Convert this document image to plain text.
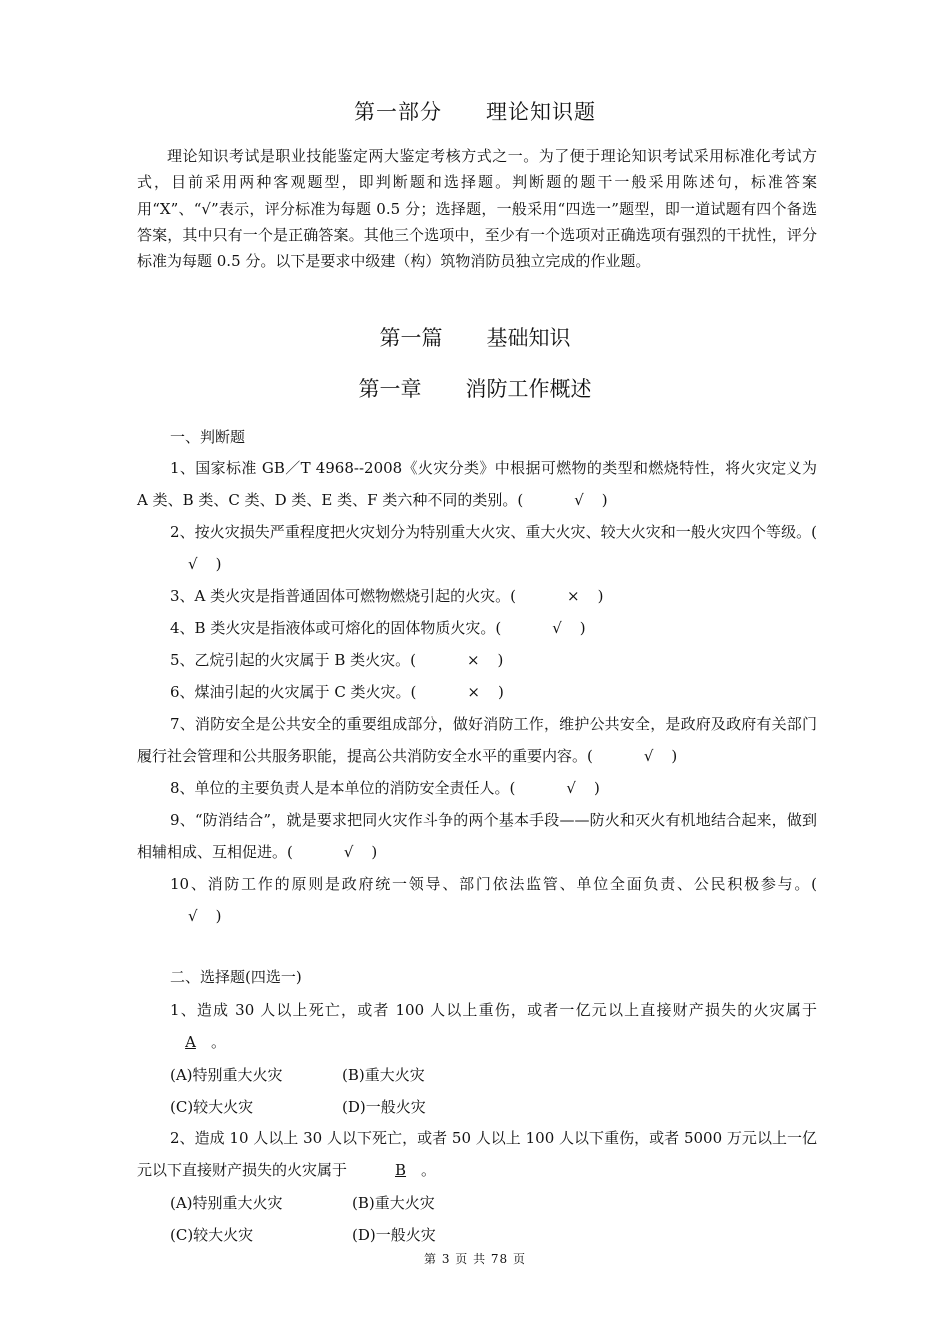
第一部分 理论知识题

理论知识考试是职业技能鉴定两大鉴定考核方式之一。为了便于理论知识考试采用标准化考试方式，目前采用两种客观题型，即判断题和选择题。判断题的题干一般采用陈述句，标准答案用“X”、“√”表示，评分标准为每题 0.5 分；选择题，一般采用“四选一”题型，即一道试题有四个备选答案，其中只有一个是正确答案。其他三个选项中，至少有一个选项对正确选项有强烈的干扰性，评分标准为每题 0.5 分。以下是要求中级建（构）筑物消防员独立完成的作业题。

第一篇 基础知识
第一章 消防工作概述
一、判断题

1、国家标准 GB／T 4968--2008《火灾分类》中根据可燃物的类型和燃烧特性，将火灾定义为 A 类、B 类、C 类、D 类、E 类、F 类六种不同的类别。(	√ )

2、按火灾损失严重程度把火灾划分为特别重大火灾、重大火灾、较大火灾和一般火灾四个等级。(√ )

3、A 类火灾是指普通固体可燃物燃烧引起的火灾。(	× )

4、B 类火灾是指液体或可熔化的固体物质火灾。(	√ )

5、乙烷引起的火灾属于 B 类火灾。(	× )

6、煤油引起的火灾属于 C 类火灾。(	× )

7、消防安全是公共安全的重要组成部分，做好消防工作，维护公共安全，是政府及政府有关部门履行社会管理和公共服务职能，提高公共消防安全水平的重要内容。(	√ )

8、单位的主要负责人是本单位的消防安全责任人。(	√ )

9、“防消结合”，就是要求把同火灾作斗争的两个基本手段——防火和灭火有机地结合起来，做到相辅相成、互相促进。(	√ )

10、消防工作的原则是政府统一领导、部门依法监管、单位全面负责、公民积极参与。(√ )

二、选择题(四选一)

1、造成 30 人以上死亡，或者 100 人以上重伤，或者一亿元以上直接财产损失的火灾属于A 。

(A)特别重大火灾	(B)重大火灾
(C)较大火灾	(D)一般火灾

2、造成 10 人以上 30 人以下死亡，或者 50 人以上 100 人以下重伤，或者 5000 万元以上一亿元以下直接财产损失的火灾属于	B 。

(A)特别重大火灾	(B)重大火灾
(C)较大火灾	(D)一般火灾
第 3 页 共 78 页
